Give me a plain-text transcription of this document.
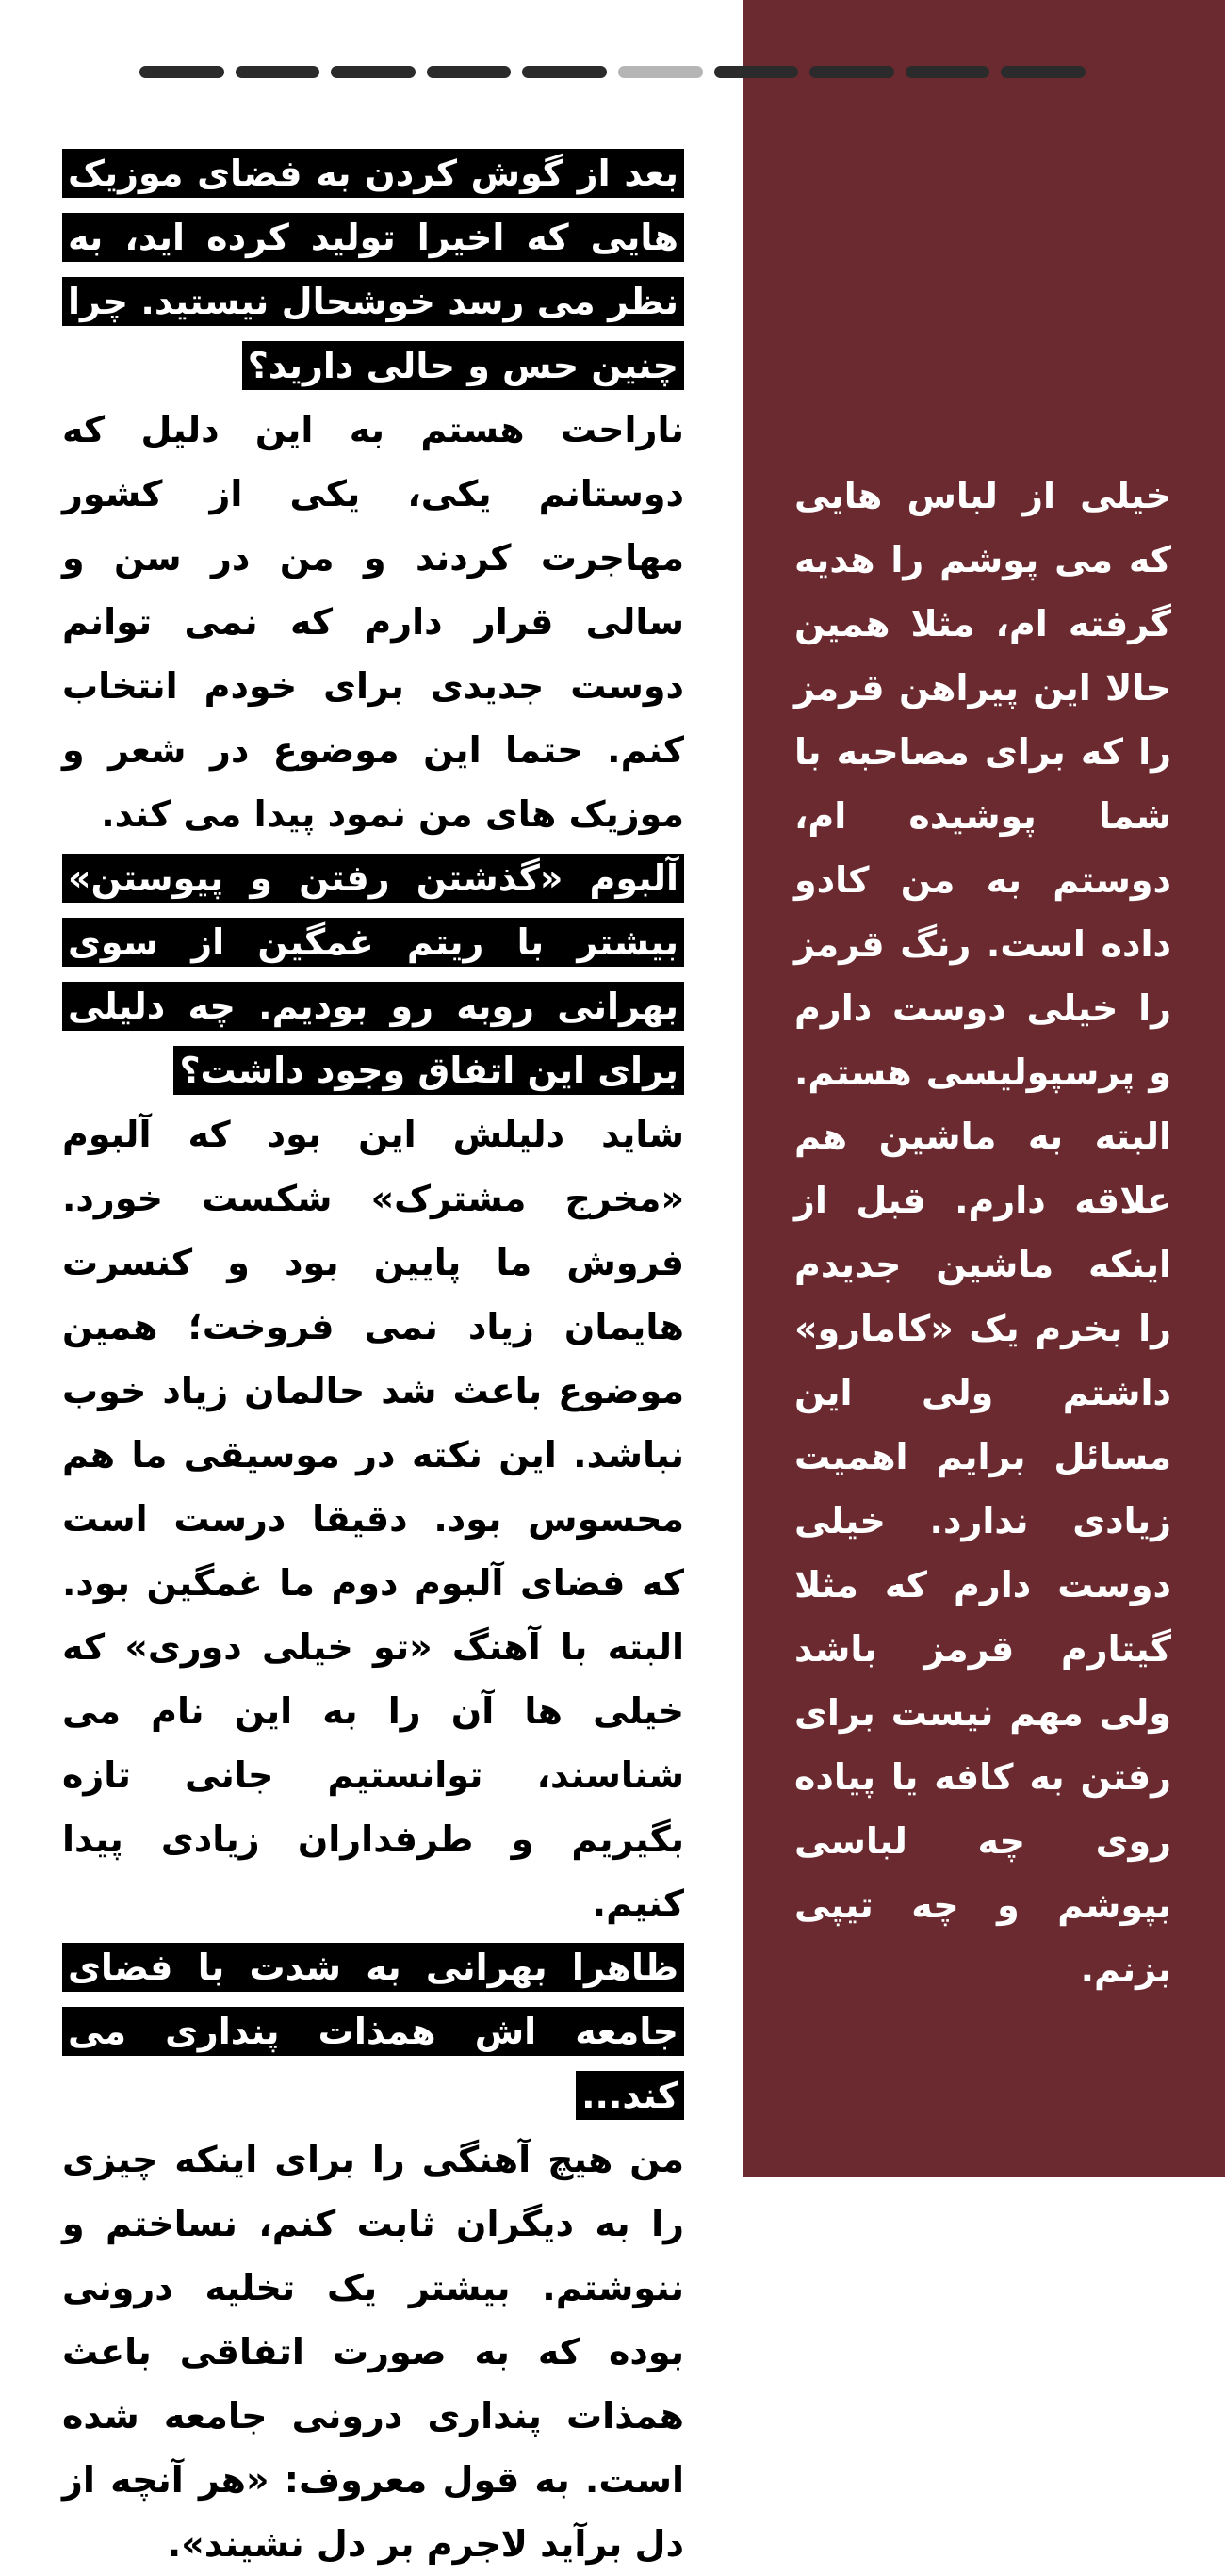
بعد از گوش کردن به فضای موزیک هایی که اخیرا تولید کرده اید، به نظر می رسد خوشحال نیستید. چرا چنین حس و حالی دارید؟

ناراحت هستم به این دلیل که دوستانم یکی، یکی از کشور مهاجرت کردند و من در سن و سالی قرار دارم که نمی توانم دوست جدیدی برای خودم انتخاب کنم. حتما این موضوع در شعر و موزیک های من نمود پیدا می کند.

آلبوم «گذشتن رفتن و پیوستن» بیشتر با ریتم غمگین از سوی بهرانی روبه رو بودیم. چه دلیلی برای این اتفاق وجود داشت؟

شاید دلیلش این بود که آلبوم «مخرج مشترک» شکست خورد. فروش ما پایین بود و کنسرت هایمان زیاد نمی فروخت؛ همین موضوع باعث شد حالمان زیاد خوب نباشد. این نکته در موسیقی ما هم محسوس بود. دقیقا درست است که فضای آلبوم دوم ما غمگین بود. البته با آهنگ «تو خیلی دوری» که خیلی ها آن را به این نام می شناسند، توانستیم جانی تازه بگیریم و طرفداران زیادی پیدا کنیم.

ظاهرا بهرانی به شدت با فضای جامعه اش همذات پنداری می کند...

من هیچ آهنگی را برای اینکه چیزی را به دیگران ثابت کنم، نساختم و ننوشتم. بیشتر یک تخلیه درونی بوده که به صورت اتفاقی باعث همذات پنداری درونی جامعه شده است. به قول معروف: «هر آنچه از دل برآید لاجرم بر دل نشیند».

خیلی از لباس هایی که می پوشم را هدیه گرفته ام، مثلا همین حالا این پیراهن قرمز را که برای مصاحبه با شما پوشیده ام، دوستم به من کادو داده است. رنگ قرمز را خیلی دوست دارم و پرسپولیسی هستم. البته به ماشین هم علاقه دارم. قبل از اینکه ماشین جدیدم را بخرم یک «کامارو» داشتم ولی این مسائل برایم اهمیت زیادی ندارد. خیلی دوست دارم که مثلا گیتارم قرمز باشد ولی مهم نیست برای رفتن به کافه یا پیاده روی چه لباسی بپوشم و چه تیپی بزنم.
